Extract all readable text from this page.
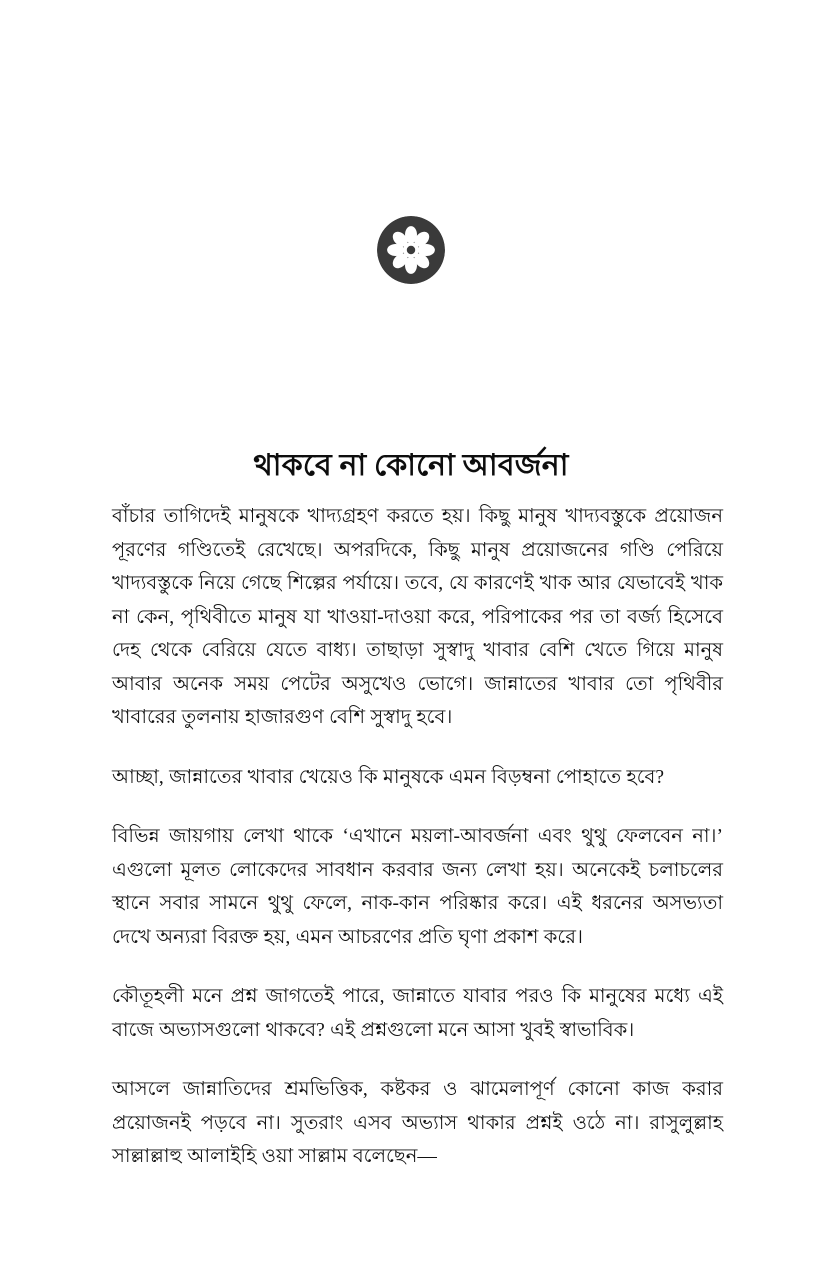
থাকবে না কোনো আবর্জনা

বাঁচার তাগিদেই মানুষকে খাদ্যগ্রহণ করতে হয়। কিছু মানুষ খাদ্যবস্তুকে প্রয়োজন পূরণের গণ্ডিতেই রেখেছে। অপরদিকে, কিছু মানুষ প্রয়োজনের গণ্ডি পেরিয়ে খাদ্যবস্তুকে নিয়ে গেছে শিল্পের পর্যায়ে। তবে, যে কারণেই খাক আর যেভাবেই খাক না কেন, পৃথিবীতে মানুষ যা খাওয়া-দাওয়া করে, পরিপাকের পর তা বর্জ্য হিসেবে দেহ থেকে বেরিয়ে যেতে বাধ্য। তাছাড়া সুস্বাদু খাবার বেশি খেতে গিয়ে মানুষ আবার অনেক সময় পেটের অসুখেও ভোগে। জান্নাতের খাবার তো পৃথিবীর খাবারের তুলনায় হাজারগুণ বেশি সুস্বাদু হবে।

আচ্ছা, জান্নাতের খাবার খেয়েও কি মানুষকে এমন বিড়ম্বনা পোহাতে হবে?

বিভিন্ন জায়গায় লেখা থাকে ‘এখানে ময়লা-আবর্জনা এবং থুথু ফেলবেন না।’ এগুলো মূলত লোকেদের সাবধান করবার জন্য লেখা হয়। অনেকেই চলাচলের স্থানে সবার সামনে থুথু ফেলে, নাক-কান পরিষ্কার করে। এই ধরনের অসভ্যতা দেখে অন্যরা বিরক্ত হয়, এমন আচরণের প্রতি ঘৃণা প্রকাশ করে।

কৌতূহলী মনে প্রশ্ন জাগতেই পারে, জান্নাতে যাবার পরও কি মানুষের মধ্যে এই বাজে অভ্যাসগুলো থাকবে? এই প্রশ্নগুলো মনে আসা খুবই স্বাভাবিক।

আসলে জান্নাতিদের শ্রমভিত্তিক, কষ্টকর ও ঝামেলাপূর্ণ কোনো কাজ করার প্রয়োজনই পড়বে না। সুতরাং এসব অভ্যাস থাকার প্রশ্নই ওঠে না। রাসুলুল্লাহ সাল্লাল্লাহু আলাইহি ওয়া সাল্লাম বলেছেন—
